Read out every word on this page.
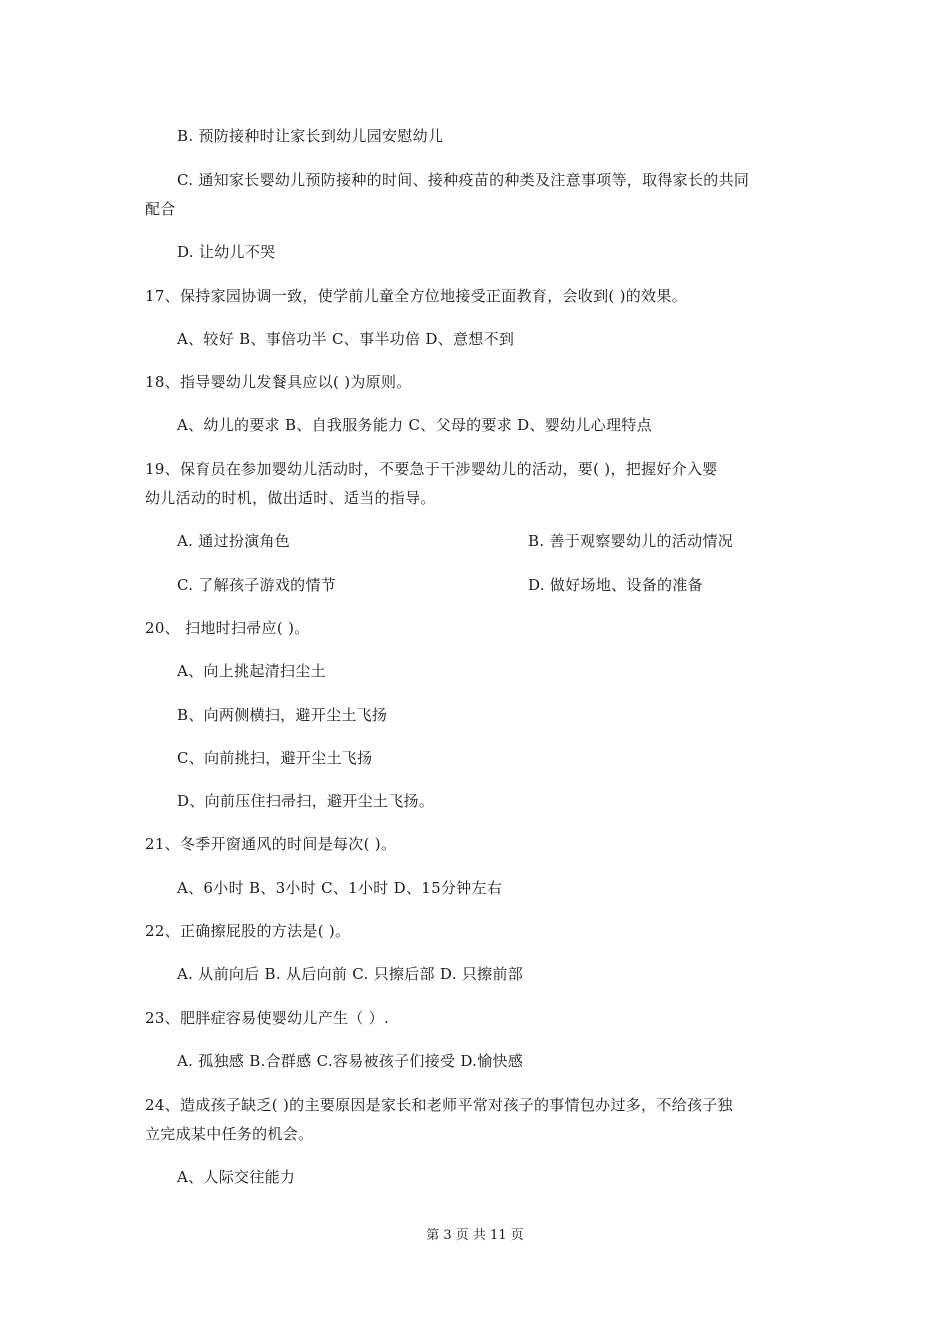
B. 预防接种时让家长到幼儿园安慰幼儿
C. 通知家长婴幼儿预防接种的时间、接种疫苗的种类及注意事项等，取得家长的共同
配合
D. 让幼儿不哭
17、保持家园协调一致，使学前儿童全方位地接受正面教育，会收到( )的效果。
A、较好 B、事倍功半 C、事半功倍 D、意想不到
18、指导婴幼儿发餐具应以( )为原则。
A、幼儿的要求 B、自我服务能力 C、父母的要求 D、婴幼儿心理特点
19、保育员在参加婴幼儿活动时，不要急于干涉婴幼儿的活动，要( )，把握好介入婴
幼儿活动的时机，做出适时、适当的指导。
A. 通过扮演角色	B. 善于观察婴幼儿的活动情况
C. 了解孩子游戏的情节	D. 做好场地、设备的准备
20、 扫地时扫帚应( )。
A、向上挑起清扫尘土
B、向两侧横扫，避开尘土飞扬
C、向前挑扫，避开尘土飞扬
D、向前压住扫帚扫，避开尘土飞扬。
21、冬季开窗通风的时间是每次( )。
A、6小时 B、3小时 C、1小时 D、15分钟左右
22、正确擦屁股的方法是( )。
A. 从前向后 B. 从后向前 C. 只擦后部 D. 只擦前部
23、肥胖症容易使婴幼儿产生（ ）.
A. 孤独感 B.合群感 C.容易被孩子们接受 D.愉快感
24、造成孩子缺乏( )的主要原因是家长和老师平常对孩子的事情包办过多，不给孩子独
立完成某中任务的机会。
A、人际交往能力
第 3 页 共 11 页
